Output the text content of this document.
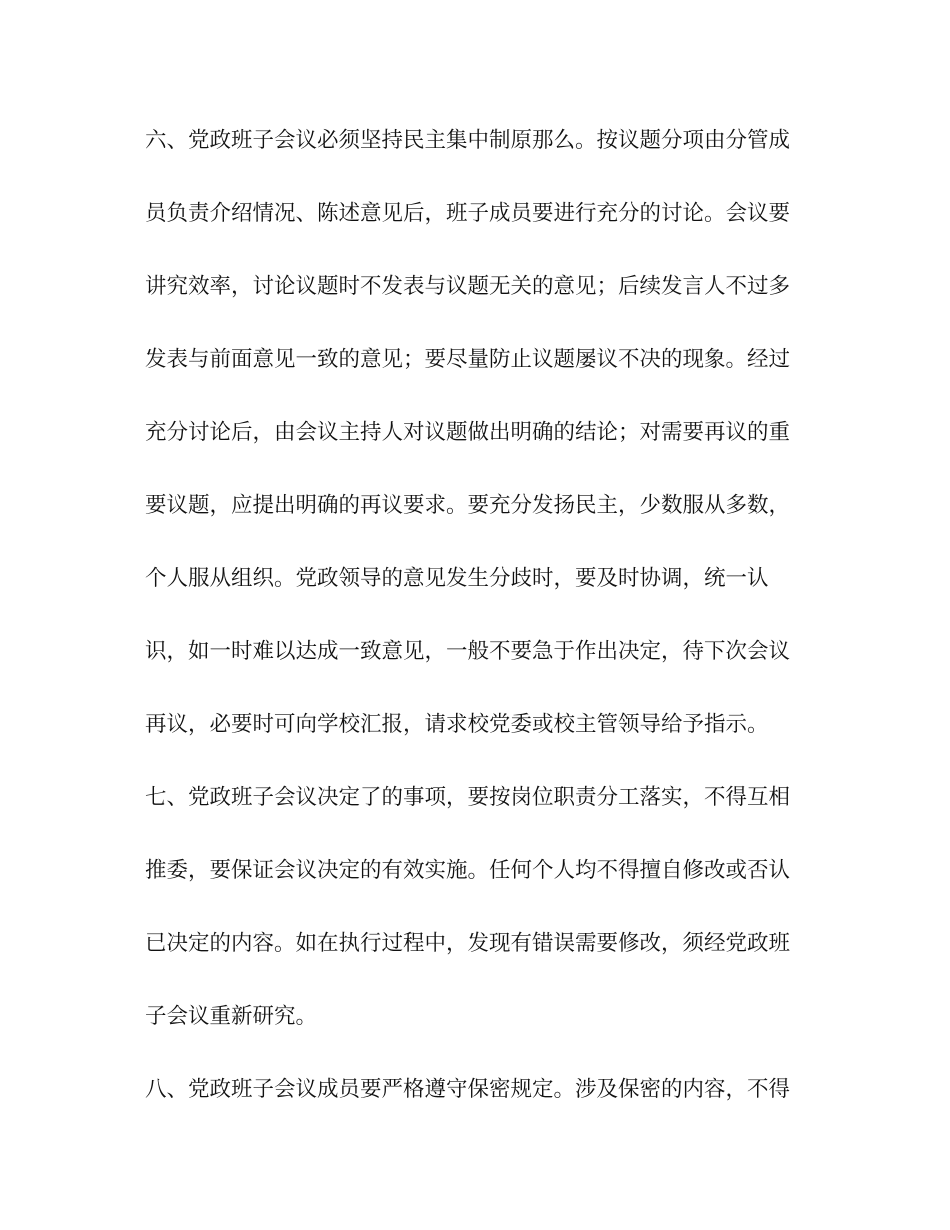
六、党政班子会议必须坚持民主集中制原那么。按议题分项由分管成
员负责介绍情况、陈述意见后，班子成员要进行充分的讨论。会议要
讲究效率，讨论议题时不发表与议题无关的意见；后续发言人不过多
发表与前面意见一致的意见；要尽量防止议题屡议不决的现象。经过
充分讨论后，由会议主持人对议题做出明确的结论；对需要再议的重
要议题，应提出明确的再议要求。要充分发扬民主，少数服从多数，
个人服从组织。党政领导的意见发生分歧时，要及时协调，统一认
识，如一时难以达成一致意见，一般不要急于作出决定，待下次会议
再议，必要时可向学校汇报，请求校党委或校主管领导给予指示。
七、党政班子会议决定了的事项，要按岗位职责分工落实，不得互相
推委，要保证会议决定的有效实施。任何个人均不得擅自修改或否认
已决定的内容。如在执行过程中，发现有错误需要修改，须经党政班
子会议重新研究。
八、党政班子会议成员要严格遵守保密规定。涉及保密的内容，不得
